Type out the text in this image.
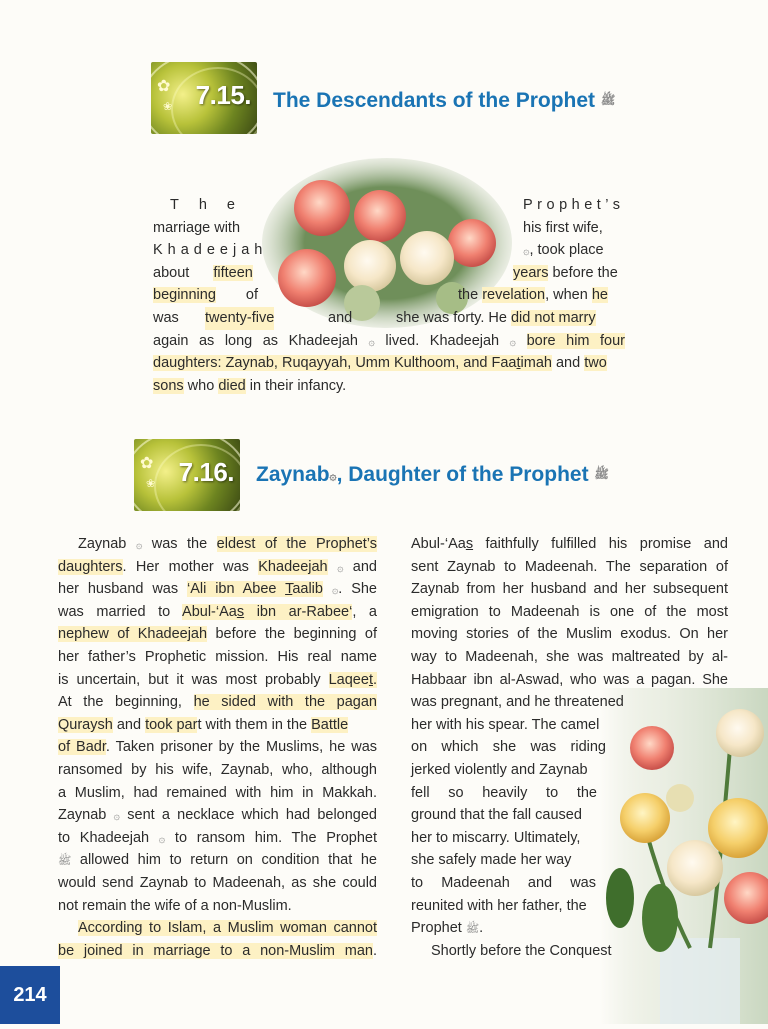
✿
❀ 7.15. The Descendants of the Prophet ﷺ
The	Prophet’s
marriage with	his first wife,
Khadeejah	۞, took place
about fifteen	years before the
beginning of	the revelation, when he
was twenty-five	and	she was forty. He did not marry
again as long as Khadeejah ۞ lived. Khadeejah ۞ bore him four
daughters: Zaynab, Ruqayyah, Umm Kulthoom, and Faatimah and two
sons who died in their infancy.
✿
❀ 7.16. Zaynab۞, Daughter of the Prophet ﷺ
Zaynab ۞ was the eldest of the Prophet’s
daughters. Her mother was Khadeejah ۞ and
her husband was ‘Ali ibn Abee Taalib ۞. She
was married to Abul-‘Aas ibn ar-Rabee‘, a
nephew of Khadeejah before the beginning of
her father’s Prophetic mission. His real name
is uncertain, but it was most probably Laqeet.
At the beginning, he sided with the pagan
Quraysh and took part with them in the Battle
of Badr. Taken prisoner by the Muslims, he was
ransomed by his wife, Zaynab, who, although
a Muslim, had remained with him in Makkah.
Zaynab ۞ sent a necklace which had belonged
to Khadeejah ۞ to ransom him. The Prophet
ﷺ allowed him to return on condition that he
would send Zaynab to Madeenah, as she could
not remain the wife of a non-Muslim.
According to Islam, a Muslim woman cannot
be joined in marriage to a non-Muslim man.
Abul-‘Aas faithfully fulfilled his promise and
sent Zaynab to Madeenah. The separation of
Zaynab from her husband and her subsequent
emigration to Madeenah is one of the most
moving stories of the Muslim exodus. On her
way to Madeenah, she was maltreated by al-
Habbaar ibn al-Aswad, who was a pagan. She
was pregnant, and he threatened
her with his spear. The camel
on which she was riding
jerked violently and Zaynab
fell so heavily to the
ground that the fall caused
her to miscarry. Ultimately,
she safely made her way
to Madeenah and was
reunited with her father, the
Prophet ﷺ.
Shortly before the Conquest
214
